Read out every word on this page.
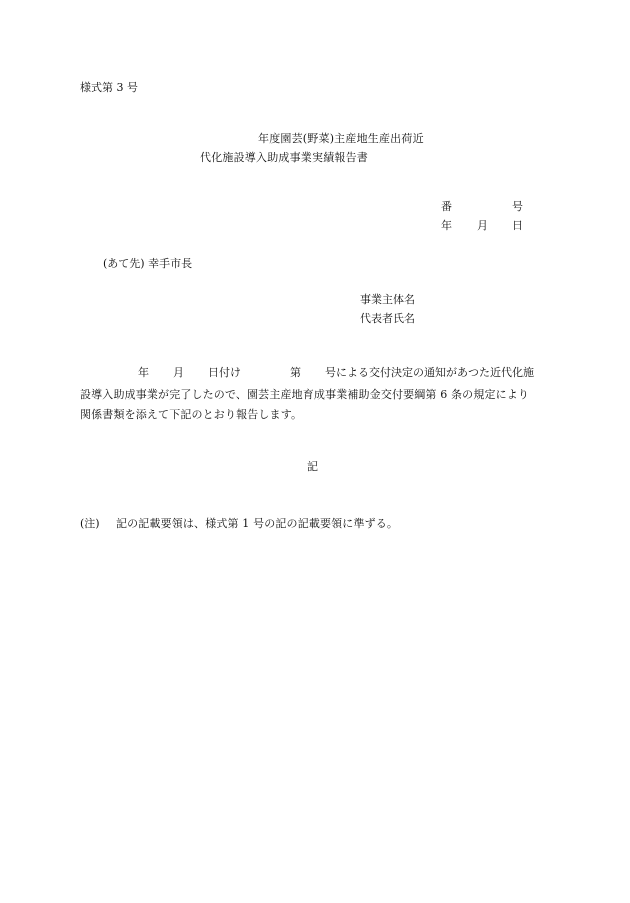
様式第 3 号
年度園芸(野菜)主産地生産出荷近
代化施設導入助成事業実績報告書
番	号
年 月 日
(あて先) 幸手市長
事業主体名
代表者氏名
年 月 日付け	第 号による交付決定の通知があつた近代化施
設導入助成事業が完了したので、園芸主産地育成事業補助金交付要綱第 6 条の規定により
関係書類を添えて下記のとおり報告します。
記
(注) 記の記載要領は、様式第 1 号の記の記載要領に準ずる。
